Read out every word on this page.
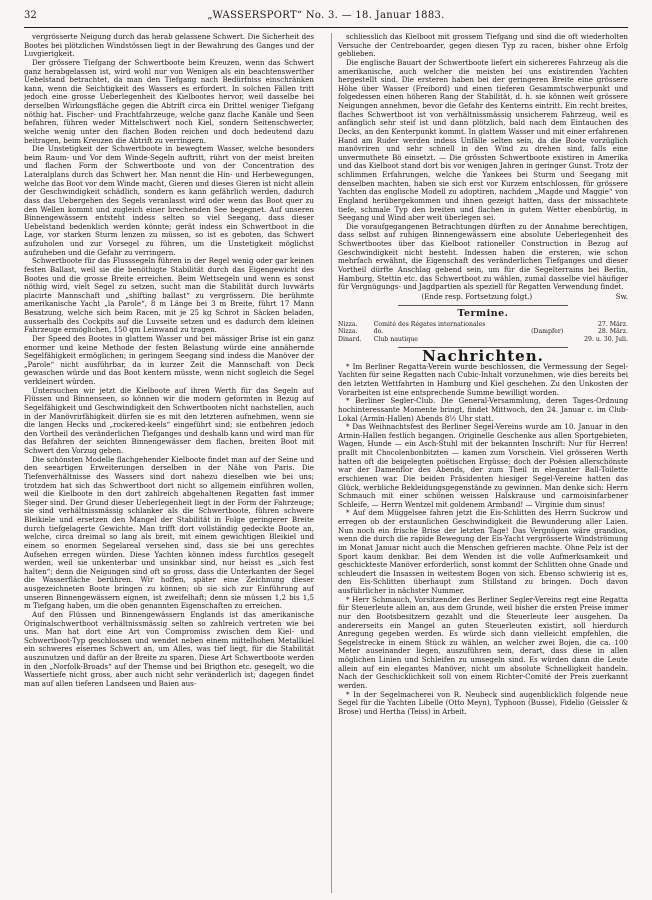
32	„WASSERSPORT“ No. 3. — 18. Januar 1883.

vergrösserte Neigung durch das herab gelassene Schwert. Die Sicherheit des Bootes bei plötzlichen Windstössen liegt in der Bewahrung des Ganges und der Luvgierigkeit.

Der grössere Tiefgang der Schwertboote beim Kreuzen, wenn das Schwert ganz herabgelassen ist, wird wohl nur von Wenigen als ein beachtenswerther Uebelstand betrachtet, da man den Tiefgang nach Bedürfniss einschränken kann, wenn die Seichtigkeit des Wassers es erfordert. In solchen Fällen tritt jedoch eine grosse Ueberlegenheit des Kielbootes hervor, weil dasselbe bei derselben Wirkungsfläche gegen die Abtrift circa ein Drittel weniger Tiefgang nöthig hat. Fischer- und Frachtfahrzeuge, welche ganz flache Kanäle und Seen befahren, führen weder Mittelschwert noch Kiel, sondern Seitenschwerter, welche wenig unter den flachen Boden reichen und doch bedeutend dazu beitragen, beim Kreuzen die Abtrift zu verringern.

Die Unstetigkeit der Schwertboote in bewegtem Wasser, welche besonders beim Raum- und Vor dem Winde-Segeln auftritt, rührt von der meist breiten und flachen Form der Schwertboote und von der Concentration des Lateralplans durch das Schwert her. Man nennt die Hin- und Herbewegungen, welche das Boot vor dem Winde macht, Gieren und dieses Gieren ist nicht allein der Geschwindigkeit schädlich, sondern es kann gefährlich werden, dadurch dass das Uebergehen des Segels veranlasst wird oder wenn das Boot quer zu den Wellen kommt und zugleich einer brechenden See begegnet. Auf unseren Binnengewässern entsteht indess selten so viel Seegang, dass dieser Uebelstand bedenklich werden könnte; gerät indess ein Schwertboot in die Lage, vor starken Sturm lenzen zu müssen, so ist es geboten, das Schwert aufzuholen und zur Vorsegel zu führen, um die Unstetigkeit möglichst aufzuheben und die Gefahr zu verringern.

Schwertboote für das Flusssegeln führen in der Regel wenig oder gar keinen festen Ballast, weil sie die benöthigte Stabilität durch das Eigengewicht des Bootes und die grosse Breite erreichen. Beim Wettsegeln und wenn es sonst nöthig wird, vielt Segel zu setzen, sucht man die Stabilität durch luvwärts placirte Mannschaft und „shifting ballast“ zu vergrössern. Die berühmte amerikanische Yacht „la Parole“, 8 m Länge bei 3 m Breite, führt 17 Mann Besatzung, welche sich beim Racen, mit je 25 kg Schrot in Säcken beladen, ausserhalb des Cockpits auf die Luvseite setzen und es dadurch dem kleinen Fahrzeuge ermöglichen, 150 qm Leinwand zu tragen.

Der Speed des Bootes in glattem Wasser und bei mässiger Brise ist ein ganz enormer und keine Methode der festen Belastung würde eine annähernde Segelfähigkeit ermöglichen; in geringem Seegang sind indess die Manöver der „Parole“ nicht ausführbar, da in kurzer Zeit die Mannschaft von Deck gewaschen würde und das Boot kentern müsste, wenn nicht sogleich die Segel verkleinert würden.

Untersuchen wir jetzt die Kielboote auf ihren Werth für das Segeln auf Flüssen und Binnenseen, so können wir die modern geformten in Bezug auf Segelfähigkeit und Geschwindigkeit den Schwertbooten nicht nachstellen, auch in der Manövrirfähigkeit dürfen sie es mit den letzteren aufnehmen, wenn sie die langen Hecks und „rockered-keels“ eingeführt sind; sie entbehren jedoch den Vortheil des veränderlichen Tiefganges und deshalb kann und wird man für das Befahren der seichten Binnengewässer dem flachen, breiten Boot mit Schwert den Vorzug geben.

Die schönsten Modelle flachgehender Kielboote findet man auf der Seine und den seeartigen Erweiterungen derselben in der Nähe von Paris. Die Tiefenverhältnisse des Wassers sind dort nahezu dieselben wie bei uns; trotzdem hat sich das Schwertboot dort nicht so allgemein einführen wollen, weil die Kielboote in den dort zahlreich abgehaltenen Regatten fast immer Sieger sind. Der Grund dieser Ueberlegenheit liegt in der Form der Fahrzeuge; sie sind verhältnissmässig schlanker als die Schwertboote, führen schwere Bleikiele und ersetzen den Mangel der Stabilität in Folge geringerer Breite durch tiefgelagerte Gewichte. Man trifft dort vollständig gedeckte Boote an, welche, circa dreimal so lang als breit, mit einem gewichtigen Bleikiel und einem so enormen Segelareal versehen sind, dass sie bei uns gerechtes Aufsehen erregen würden. Diese Yachten können indess furchtlos gesegelt werden, weil sie unkenterbar und unsinkbar sind, nur heisst es „sich fest halten“; denn die Neigungen sind oft so gross, dass die Unterkanten der Segel die Wasserfläche berühren. Wir hoffen, später eine Zeichnung dieser ausgezeichneten Boote bringen zu können; ob sie sich zur Einführung auf unseren Binnengewässern eignen, ist zweifelhaft; denn sie müssen 1,2 bis 1,5 m Tiefgang haben, um die oben genannten Eigenschaften zu erreichen.

Auf den Flüssen und Binnengewässern Englands ist das amerikanische Originalschwertboot verhältnissmässig selten so zahlreich vertreten wie bei uns. Man hat dort eine Art von Compromiss zwischen dem Kiel- und Schwertboot-Typ geschlossen und wendet neben einem mittelhohen Metallkiel ein schweres eisernes Schwert an, um Alles, was tief liegt, für die Stabilität auszunutzen und dafür an der Breite zu sparen. Diese Art Schwertboote werden in den „Norfolk-Broads“ auf der Themse und bei Brigthon etc. gesegelt, wo die Wassertiefe nicht gross, aber auch nicht sehr veränderlich ist; dagegen findet man auf allen tieferen Landseen und Baien aus-

schliesslich das Kielboot mit grossem Tiefgang und sind die oft wiederholten Versuche der Centreboarder, gegen diesen Typ zu racen, bisher ohne Erfolg geblieben.

Die englische Bauart der Schwertboote liefert ein sichereres Fahrzeug als die amerikanische, auch welcher die meisten bei uns existirenden Yachten hergestellt sind. Die ersteren haben bei der geringeren Breite eine grössere Höhe über Wasser (Freibord) und einen tieferen Gesammtschwerpunkt und folgedessen einen höheren Rang der Stabilität, d. h. sie können weit grössere Neigungen annehmen, bevor die Gefahr des Kenterns eintritt. Ein recht breites, flaches Schwertboot ist von verhältnissmässig unsicherem Fahrzeug, weil es anfänglich sehr steif ist und dann plötzlich, bald nach dem Eintauchen des Decks, an den Kenterpunkt kommt. In glattem Wasser und mit einer erfahrenen Hand am Ruder werden indess Unfälle selten sein, da die Boote vorzüglich manövriren und sehr schnell in den Wind zu drehen sind, falls eine unvermuthete Bö einsetzt. — Die grössten Schwertboote existiren in Amerika und das Kielboot stand dort bis vor wenigen Jahren in geringer Gunst. Trotz der schlimmen Erfahrungen, welche die Yankees bei Sturm und Seegang mit denselben machten, haben sie sich erst vor Kurzem entschlossen, für grössere Yachten das englische Modell zu adoptiren, nachdem „Magde und Maggie“ von England herübergekommen und ihnen gezeigt hatten, dass der missachtete tiefe, schmale Typ den breiten und flachen in gutem Wetter ebenbürtig, in Seegang und Wind aber weit überlegen sei.

Die voraufgegangenen Betrachtungen dürften zu der Annahme berechtigen, dass selbst auf ruhigen Binnengewässern eine absolute Ueberlegenheit des Schwertbootes über das Kielboot rationeller Construction in Bezug auf Geschwindigkeit nicht besteht. Indessen haben die ersteren, wie schon mehrfach erwähnt, die Eigenschaft des veränderlichen Tiefganges und dieser Vortheil dürfte Anschlag gebend sein, um für die Segelterrains bei Berlin, Hamburg, Stettin etc. das Schwertboot zu wählen, zumal dasselbe viel häufiger für Vergnügungs- und Jagdpartien als speziell für Regatten Verwendung findet.

(Ende resp. Fortsetzung folgt.)	Sw.
Termine.
Nizza.	Comité des Régates internationales		27. März.
Nizza.	do.	(Dampfer)	28. März.
Dinard.	Club nautique		29. u. 30. Juli.
Nachrichten.

* Im Berliner Regatta-Verein wurde beschlossen, die Vermessung der Segel-Yachten für seine Regatten nach Cubic-Inhalt vorzunehmen, wie dies bereits bei den letzten Wettfahrten in Hamburg und Kiel geschehen. Zu den Unkosten der Vorarbeiten ist eine entsprechende Summe bewilligt worden.

* Berliner Segler-Club. Die General-Versammlung, deren Tages-Ordnung hochinteressante Momente bringt, findet Mittwoch, den 24. Januar c. im Club-Lokal (Armin-Hallen) Abends 8½ Uhr statt.

* Das Weihnachtsfest des Berliner Segel-Vereins wurde am 10. Januar in den Armin-Hallen festlich begangen. Originelle Geschenke aus allen Sportgebieten, Wagen, Hunde — ein Asch-Stuhl mit der bekannten Inschrift: Nur für Herren! prallt mit Chocolenbonbitzten — kamen zum Vorschein. Viel grösseren Werth hatten oft die beigelegten poëtischen Ergüsse; doch der Poësien allerschönste war der Damenflor des Abends, der zum Theil in eleganter Ball-Toilette erschienen war. Die beiden Präsidenten hiesiger Segel-Vereine hatten das Glück, werbliche Bekleidungsgegenstände zu gewinnen. Man denke sich: Herrn Schmauch mit einer schönen weissen Halskrause und carmoisinfarbener Schleife, — Herrn Wentzel mit goldenem Armband! — Virginie dum sinus!

* Auf dem Müggelsee fahren jetzt die Eis-Schlitten des Herrn Suckrow und erregen ob der erstaunlichen Geschwindigkeit die Bewunderung aller Laien. Nun noch ein frische Brise der letzten Tage! Das Vergnügen wäre grandios, wenn die durch die rapide Bewegung der Eis-Yacht vergrösserte Windströmung im Monat Januar nicht auch die Menschen gefrieren machte. Ohne Pelz ist der Sport kaum denkbar. Bei dem Wenden ist die volle Aufmerksamkeit und geschickteste Manöver erforderlich, sonst kommt der Schlitten ohne Gnade und schleudert die Insassen in weitestem Bogen von sich. Ebenso schwierig ist es, den Eis-Schlitten überhaupt zum Stillstand zu bringen. Doch davon ausführlicher in nächster Nummer.

* Herr Schmauch, Vorsitzender des Berliner Segler-Vereins regt eine Regatta für Steuerleute allein an, aus dem Grunde, weil bisher die ersten Preise immer nur den Bootsbesitzern gezahlt und die Steuerleute leer ausgehen. Da andererseits ein Mangel an guten Steuerleuten existirt, soll hierdurch Anregung gegeben werden. Es würde sich dann vielleicht empfehlen, die Segelstrecke in einem Stück zu wählen, an welcher zwei Bojen, die ca. 100 Meter auseinander liegen, auszuführen sein, derart, dass diese in allen möglichen Linien und Schleifen zu umsegeln sind. Es würden dann die Leute allein auf ein elegantes Manöver, nicht um absolute Schnelligkeit handeln. Nach der Geschicklichkeit soll von einem Richter-Comité der Preis zuerkannt werden.

* In der Segelmacherei von R. Neubeck sind augenblicklich folgende neue Segel für die Yachten Libelle (Otto Meyn), Typhoon (Busse), Fidelio (Geissler & Brose) und Hertha (Teiss) in Arbeit.
